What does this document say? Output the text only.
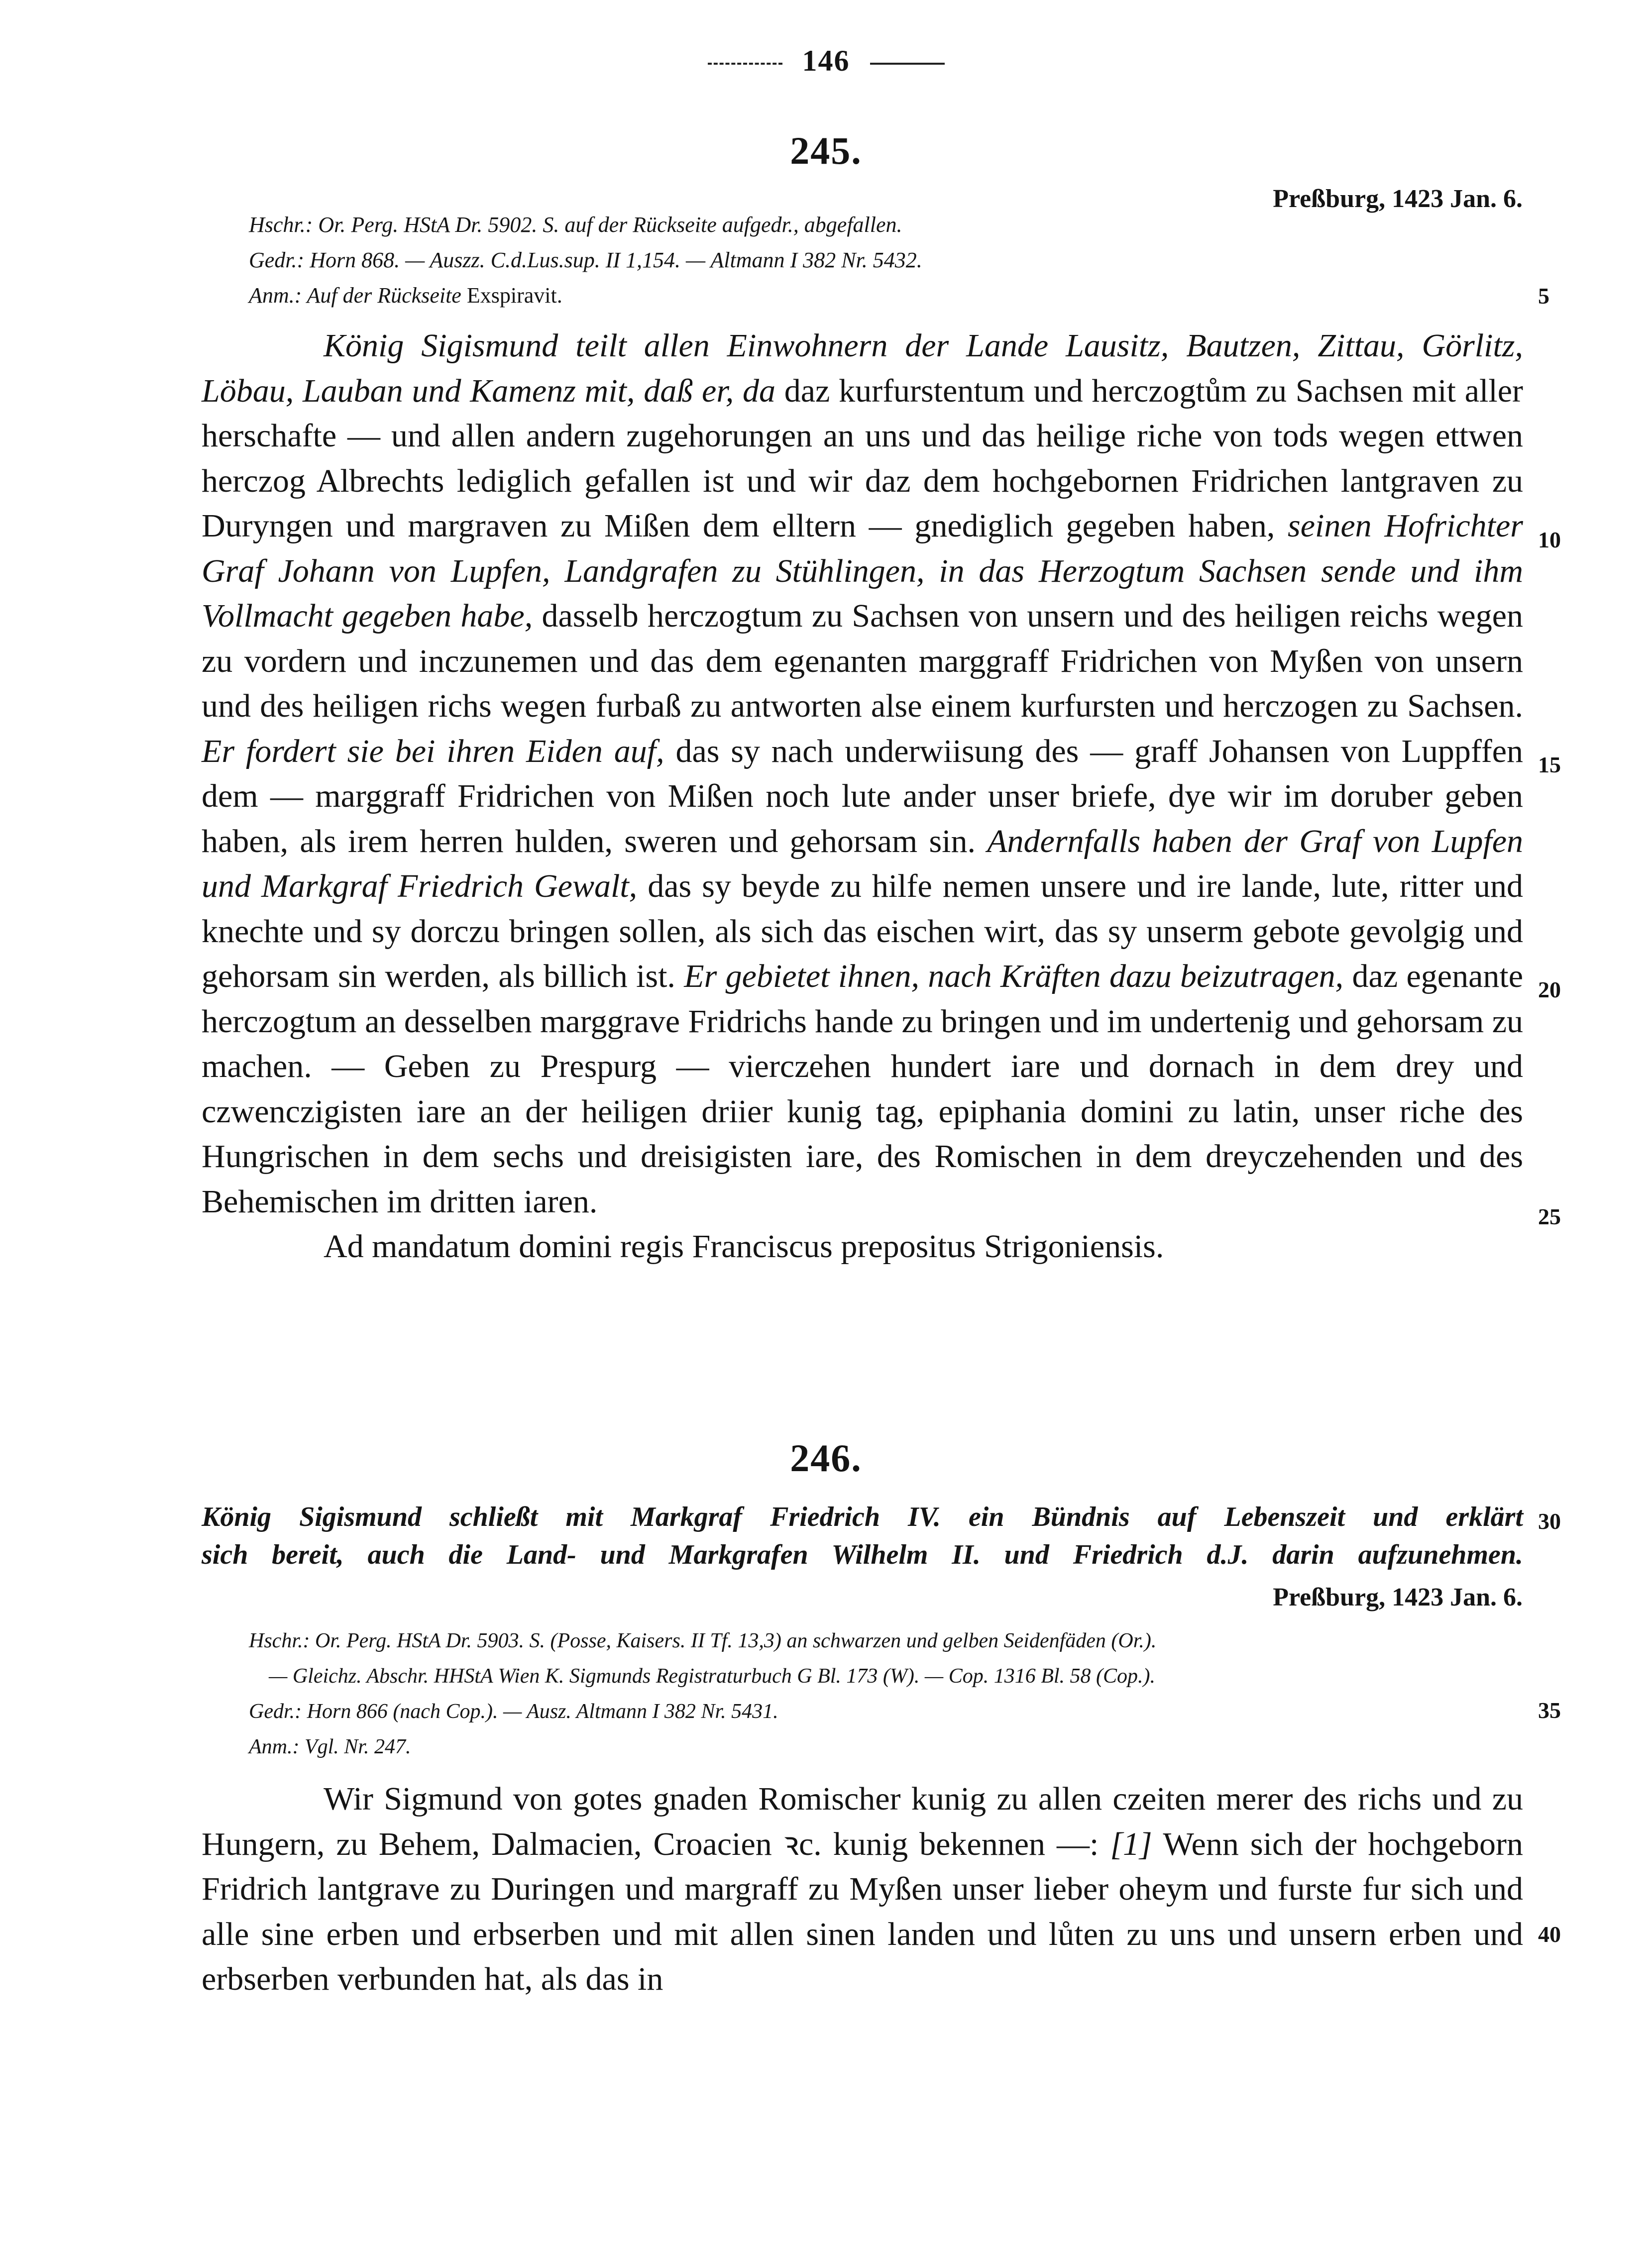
146
245.
Preßburg, 1423 Jan. 6.
Hschr.: Or. Perg. HStA Dr. 5902. S. auf der Rückseite aufgedr., abgefallen.
Gedr.: Horn 868. — Auszz. C.d.Lus.sup. II 1,154. — Altmann I 382 Nr. 5432.
Anm.: Auf der Rückseite Exspiravit.

König Sigismund teilt allen Einwohnern der Lande Lausitz, Bautzen, Zittau, Görlitz, Löbau, Lauban und Kamenz mit, daß er, da daz kurfurstentum und herczogtům zu Sachsen mit aller herschafte — und allen andern zugehorungen an uns und das heilige riche von tods wegen ettwen herczog Albrechts lediglich gefallen ist und wir daz dem hochgebornen Fridrichen lantgraven zu Duryngen und margraven zu Mißen dem elltern — gnediglich gegeben haben, seinen Hofrichter Graf Johann von Lupfen, Landgrafen zu Stühlingen, in das Herzogtum Sachsen sende und ihm Vollmacht gegeben habe, dasselb herczogtum zu Sachsen von unsern und des heiligen reichs wegen zu vordern und inczunemen und das dem egenanten marggraff Fridrichen von Myßen von unsern und des heiligen richs wegen furbaß zu antworten alse einem kurfursten und herczogen zu Sachsen. Er fordert sie bei ihren Eiden auf, das sy nach underwiisung des — graff Johansen von Luppffen dem — marggraff Fridrichen von Mißen noch lute ander unser briefe, dye wir im doruber geben haben, als irem herren hulden, sweren und gehorsam sin. Andernfalls haben der Graf von Lupfen und Markgraf Friedrich Gewalt, das sy beyde zu hilfe nemen unsere und ire lande, lute, ritter und knechte und sy dorczu bringen sollen, als sich das eischen wirt, das sy unserm gebote gevolgig und gehorsam sin werden, als billich ist. Er gebietet ihnen, nach Kräften dazu beizutragen, daz egenante herczogtum an desselben marggrave Fridrichs hande zu bringen und im undertenig und gehorsam zu machen. — Geben zu Prespurg — vierczehen hundert iare und dornach in dem drey und czwenczigisten iare an der heiligen driier kunig tag, epiphania domini zu latin, unser riche des Hungrischen in dem sechs und dreisigisten iare, des Romischen in dem dreyczehenden und des Behemischen im dritten iaren.

Ad mandatum domini regis Franciscus prepositus Strigoniensis.

246.
König Sigismund schließt mit Markgraf Friedrich IV. ein Bündnis auf Lebenszeit und erklärt
sich bereit, auch die Land- und Markgrafen Wilhelm II. und Friedrich d.J. darin aufzunehmen.
Preßburg, 1423 Jan. 6.
Hschr.: Or. Perg. HStA Dr. 5903. S. (Posse, Kaisers. II Tf. 13,3) an schwarzen und gelben Seidenfäden (Or.).
— Gleichz. Abschr. HHStA Wien K. Sigmunds Registraturbuch G Bl. 173 (W). — Cop. 1316 Bl. 58 (Cop.).
Gedr.: Horn 866 (nach Cop.). — Ausz. Altmann I 382 Nr. 5431.
Anm.: Vgl. Nr. 247.

Wir Sigmund von gotes gnaden Romischer kunig zu allen czeiten merer des richs und zu Hungern, zu Behem, Dalmacien, Croacien ꝛc. kunig bekennen —: [1] Wenn sich der hochgeborn Fridrich lantgrave zu Duringen und margraff zu Myßen unser lieber oheym und furste fur sich und alle sine erben und erbserben und mit allen sinen landen und lůten zu uns und unsern erben und erbserben verbunden hat, als das in

5
10
15
20
25
30
35
40
